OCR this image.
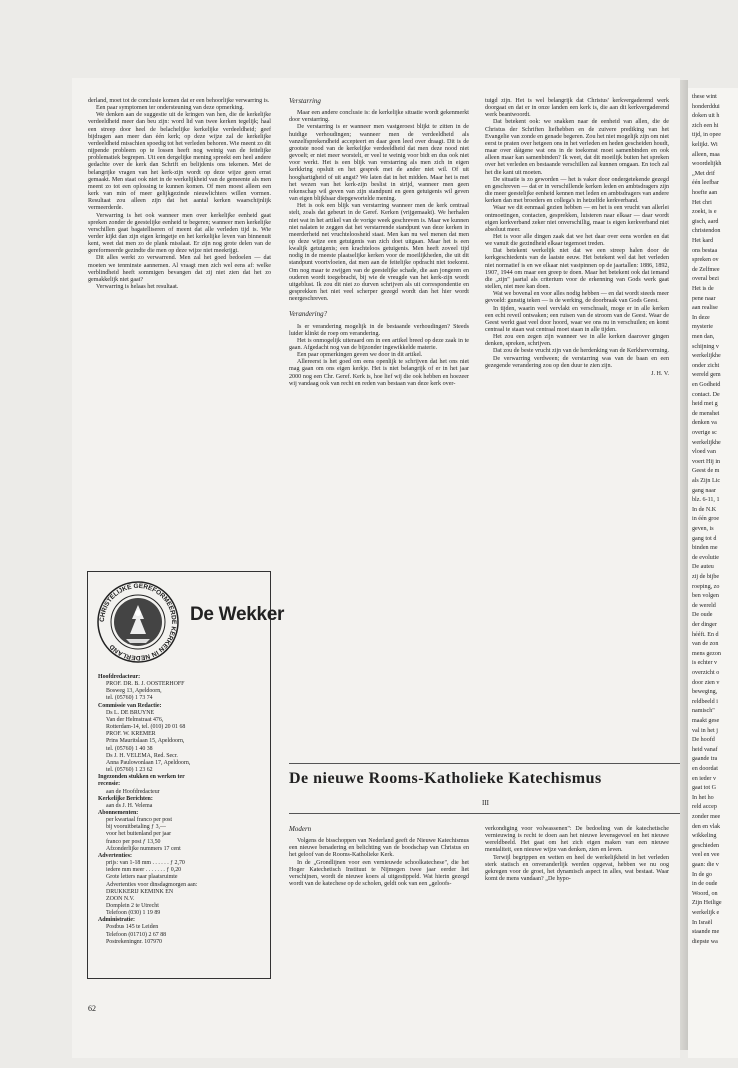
these wint
honderddui
doken uit h
zich een hi
tijd, in opee
kelijkt. Wi
alleen, maa
woordelijkh
„Met drif
één leefbar
hoefte aan
Het chri
zoekt, is e
gisch, aard
christendon
Het kard
ons bestaa
spreken ov
de Zelfmee
overal bezi
Het is de
pene naar
aan realise
In deze
mysterie
men dan,
schijning v
werkelijkhe
onder zicht
wereld gem
en Godheid
contact. De
heid met g
de menshei
denken va
overige sc
werkelijkhe
vloed van
voert Hij in
Geest de m
als Zijn Lic
gang naar
blz. 6-11, 1
In de N.K
in één groe
geven, is
gang tot d
binden me
de evolutie
De auteu
zij de bijbe
roeping, zo
ben volgen
de wereld
De oude
der dinger
hééft. En d
van de zon
mens gezon
is echter v
overzicht o
door zien v
beweging,
reldbeeld i
namisch"
maakt gese
val in het j
De hoofd
heid vanaf
gaande tra
en doordat
en ieder v
gaat tot G
In het ho
reld accep
zonder mee
den en vlak
wikkeling
geschieden
veel en vee
gaan: die v
In de go
in de oude
Woord, on
Zijn Heilige
werkelijk e
In Israël
staande me
diepste wa

derland, moet tot de conclusie komen dat er een behoorlijke verwarring is.

Een paar symptomen ter ondersteuning van deze opmerking.

We denken aan de suggestie uit de kringen van hen, die de kerkelijke verdeeldheid meer dan beu zijn: word lid van twee kerken tegelijk; haal een streep door heel de belachelijke kerkelijke verdeeldheid; geef bijdragen aan meer dan één kerk; op deze wijze zal de kerkelijke verdeeldheid misschien spoedig tot het verleden behoren. Wie meent zo dit nijpende probleem op te lossen heeft nog weinig van de feitelijke problematiek begrepen. Uit een dergelijke mening spreekt een heel andere gedachte over de kerk dan Schrift en belijdenis ons tekenen. Met de belangrijke vragen van het kerk-zijn wordt op deze wijze geen ernst gemaakt. Men staat ook niet in de werkelijkheid van de gemeente als men meent zo tot een oplossing te kunnen komen. Of men moest alleen een kerk van min of meer gelijkgezinde nieuwlichters willen vormen. Resultaat zou alleen zijn dat het aantal kerken waarschijnlijk vermeerderde.

Verwarring is het ook wanneer men over kerkelijke eenheid gaat spreken zonder de geestelijke eenheid te begeren; wanneer men kerkelijke verschillen gaat bagatelliseren of meent dat alle verleden tijd is. Wie verder kijkt dan zijn eigen kringetje en het kerkelijke leven van binnenuit kent, weet dat men zo de plank misslaat. Er zijn nog grote delen van de gereformeerde gezindte die men op deze wijze niet meekrijgt.

Dit alles werkt zo verwarrend. Men zal het goed bedoelen — dat moeten we tenminste aannemen. Al vraagt men zich wel eens af: welke verblindheid heeft sommigen bevangen dat zij niet zien dat het zo gemakkelijk niet gaat?

Verwarring is helaas het resultaat.

Verstarring

Maar een andere conclusie is: de kerkelijke situatie wordt gekenmerkt door verstarring.

De verstarring is er wanneer men vastgeroest blijkt te zitten in de huidige verhoudingen; wanneer men de verdeeldheid als vanzelfsprekendheid accepteert en daar geen leed over draagt. Dit is de grootste nood van de kerkelijke verdeeldheid dat men deze nood niet gevoelt; er niet meer worstelt, er veel te weinig voor bidt en dus ook niet voor werkt. Het is een blijk van verstarring als men zich in eigen kerkkring opsluit en het gesprek met de ander niet wil. Of uit hooghartigheid of uit angst? We laten dat in het midden. Maar het is met het wezen van het kerk-zijn beslist in strijd, wanneer men geen rekenschap wil geven van zijn standpunt en geen getuigenis wil geven van eigen blijkbaar diepgewortelde mening.

Het is ook een blijk van verstarring wanneer men de kerk centraal stelt, zoals dat gebeurt in de Geref. Kerken (vrijgemaakt). We herhalen niet wat in het artikel van de vorige week geschreven is. Maar we kunnen niet nalaten te zeggen dat het verstarrende standpunt van deze kerken in meerderheid net vruchteloosheid staat. Men kan nu wel menen dat men op deze wijze een getuigenis van zich doet uitgaan. Maar het is een kwalijk getuigenis; een krachteloos getuigenis. Men heeft zoveel tijd nodig in de meeste plaatselijke kerken voor de moeilijkheden, die uit dit standpunt voortvloeien, dat men aan de feitelijke opdracht niet toekomt. Om nog maar te zwijgen van de geestelijke schade, die aan jongeren en ouderen wordt toegebracht, bij wie de vreugde van het kerk-zijn wordt uitgeblust. Ik zou dit niet zo durven schrijven als uit correspondentie en gesprekken het niet veel scherper gezegd wordt dan het hier wordt neergeschreven.

Verandering?

Is er verandering mogelijk in de bestaande verhoudingen? Steeds luider klinkt de roep om verandering.

Het is onmogelijk uiteraard om in een artikel breed op deze zaak in te gaan. Afgedacht nog van de bijzonder ingewikkelde materie.

Een paar opmerkingen geven we door in dit artikel.

Allereerst is het goed om eens openlijk te schrijven dat het ons niet mag gaan om ons eigen kerkje. Het is niet belangrijk of er in het jaar 2000 nog een Chr. Geref. Kerk is, hoe lief wij die ook hebben en hoezeer wij vandaag ook van recht en reden van bestaan van deze kerk over-

tuigd zijn. Het is wel belangrijk dat Christus' kerkvergaderend werk doorgaat en dat er in onze landen een kerk is, die aan dit kerkvergaderend werk beantwoordt.

Dat betekent ook: we snakken naar de eenheid van allen, die de Christus der Schriften liefhebben en de zuivere prediking van het Evangelie van zonde en genade begeren. Zou het niet mogelijk zijn om niet eerst te praten over hetgeen ons in het verleden en heden gescheiden houdt, maar over dátgene wat ons in de toekomst moet samenbinden en ook alleen maar kan samenbinden? Ik weet, dat dit moeilijk buiten het spreken over het verleden en bestaande verschillen zal kunnen omgaan. En toch zal het die kant uit moeten.

De situatie is zo geworden — het is vaker door ondergetekende gezegd en geschreven — dat er in verschillende kerken leden en ambtsdragers zijn die meer geestelijke eenheid kennen met leden en ambtsdragers van andere kerken dan met broeders en collega's in hetzelfde kerkverband.

Waar we dit eenmaal gezien hebben — en het is een vrucht van allerlei ontmoetingen, contacten, gesprekken, luisteren naar elkaar — daar wordt eigen kerkverband zeker niet onverschillig, maar is eigen kerkverband niet absoluut meer.

Het is voor alle dingen zaak dat we het daar over eens worden en dat we vanuit die gezindheid elkaar tegemoet treden.

Dat betekent werkelijk niet dat we een streep halen door de kerkgeschiedenis van de laatste eeuw. Het betekent wel dat het verleden niet normatief is en we elkaar niet vastpinnen op de jaartallen: 1886, 1892, 1907, 1944 om maar een greep te doen. Maar het betekent ook dat iemand die „zijn" jaartal als criterium voor de erkenning van Gods werk gaat stellen, niet mee kan doen.

Wat we bovenal en voor alles nodig hebben — en dat wordt steeds meer gevoeld: gunstig teken — is de werking, de doorbraak van Gods Geest.

In tijden, waarin veel vervlakt en verschraalt, moge er in alle kerken een echt reveil ontwaken; een ruisen van de stroom van de Geest. Waar de Geest werkt gaat veel door hoord, waar we ons nu in verschuilen; en komt centraal te staan wat centraal moet staan in alle tijden.

Het zou een zegen zijn wanneer we in alle kerken daarover gingen denken, spreken, schrijven.

Dat zou de beste vrucht zijn van de herdenking van de Kerkhervorming.

De verwarring verdween; de verstarring was van de baan en een gezegende verandering zou op den duur te zien zijn.

J. H. V.

De nieuwe Rooms-Katholieke Katechismus
III

Modern

Volgens de bisschoppen van Nederland geeft de Nieuwe Katechismus een nieuwe benadering en belichting van de boodschap van Christus en het geloof van de Rooms-Katholieke Kerk.

In de „Grondlijnen voor een vernieuwde schoolkatechese", die het Hoger Katechetisch Instituut te Nijmegen twee jaar eerder liet verschijnen, wordt de nieuwe koers al uitgestippeld. Wat hierin gezegd wordt van de katechese op de scholen, geldt ook van een „geloofs-

verkondiging voor volwassenen": De bedoeling van de katechetische vernieuwing is recht te doen aan het nieuwe levensgevoel en het nieuwe wereldbeeld. Het gaat om het zich eigen maken van een nieuwe mentaliteit, een nieuwe wijze van denken, zien en leven.

Terwijl begrippen en wetten en heel de werkelijkheid in het verleden sterk statisch en onveranderlijk werden opgevat, hebben we nu oog gekregen voor de groei, het dynamisch aspect in alles, wat bestaat. Waar komt de mens vandaan? „De hypo-

CHRISTELIJKE GEREFORMEERDE KERKEN IN NEDERLAND
De Wekker
Hoofdredacteur:
PROF. DR. B. J. OOSTERHOFF
Bosweg 13, Apeldoorn,
tel. (05760) 1 73 74
Commissie van Redactie:
Ds L. DE BRUYNE
Van der Helmstraat 476,
Rotterdam-14, tel. (010) 20 01 68
PROF. W. KREMER
Prins Mauritslaan 15, Apeldoorn,
tel. (05760) 1 40 38
Ds J. H. VELEMA, Red. Secr.
Anna Paulowonlaan 17, Apeldoorn,
tel. (05760) 1 23 62
Ingezonden stukken en werken ter
recensie:
aan de Hoofdredacteur
Kerkelijke Berichten:
aan ds J. H. Velema
Abonnementen:
per kwartaal franco per post
bij vooruitbetaling ƒ 3,—
voor het buitenland per jaar
franco per post ƒ 13,50
Afzonderlijke nummers 17 cent
Advertenties:
prijs: van 1-18 mm . . . . . . ƒ 2,70
iedere mm meer . . . . . . . ƒ 0,20
Grote letters naar plaatsruimte
Advertenties voor dinsdagmorgen aan:
DRUKKERIJ KEMINK EN
ZOON N.V.
Domplein 2 te Utrecht
Telefoon (030) 1 19 89
Administratie:
Postbus 145 te Leiden
Telefoon (01710) 2 67 88
Postrekeningnr. 107970
62
